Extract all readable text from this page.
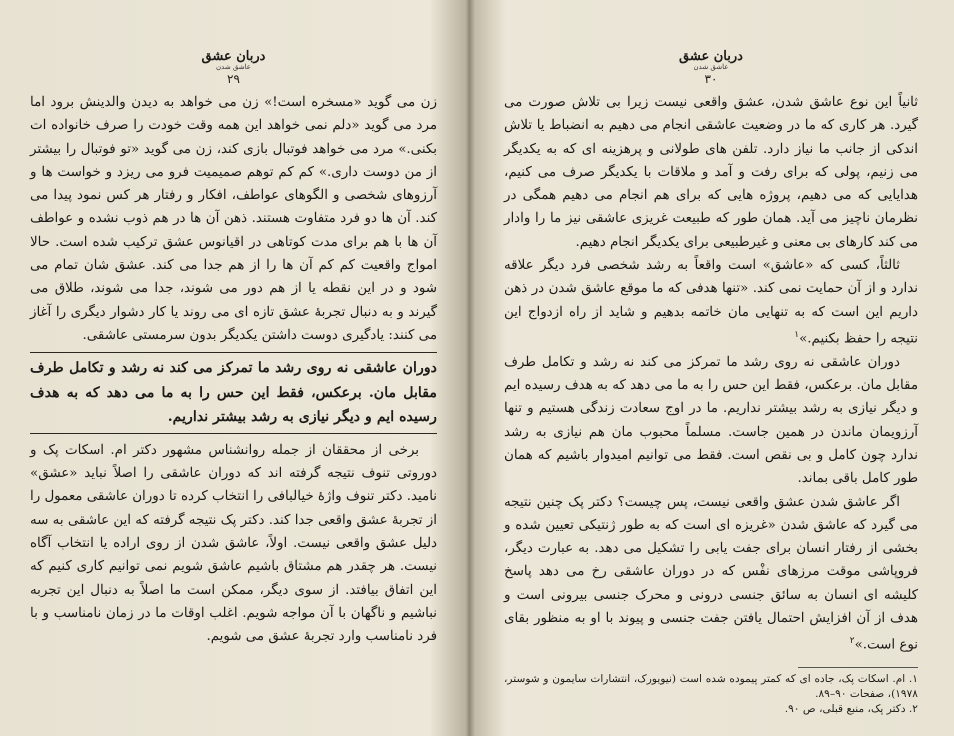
دربان عشق
عاشق شدن
۲۹

زن می گوید «مسخره است!» زن می خواهد به دیدن والدینش برود اما مرد می گوید «دلم نمی خواهد این همه وقت خودت را صرف خانواده ات بکنی.» مرد می خواهد فوتبال بازی کند، زن می گوید «تو فوتبال را بیشتر از من دوست داری.» کم کم توهم صمیمیت فرو می ریزد و خواست ها و آرزوهای شخصی و الگوهای عواطف، افکار و رفتار هر کس نمود پیدا می کند. آن ها دو فرد متفاوت هستند. ذهن آن ها در هم ذوب نشده و عواطف آن ها با هم برای مدت کوتاهی در اقیانوس عشق ترکیب شده است. حالا امواج واقعیت کم کم آن ها را از هم جدا می کند. عشق شان تمام می شود و در این نقطه یا از هم دور می شوند، جدا می شوند، طلاق می گیرند و به دنبال تجربهٔ عشق تازه ای می روند یا کار دشوار دیگری را آغاز می کنند: یادگیری دوست داشتن یکدیگر بدون سرمستی عاشقی.

دوران عاشقی نه روی رشد ما تمرکز می کند نه رشد و تکامل طرف مقابل مان. برعکس، فقط این حس را به ما می دهد که به هدف رسیده ایم و دیگر نیازی به رشد بیشتر نداریم.

برخی از محققان از جمله روانشناس مشهور دکتر ام. اسکات پک و دوروتی تنوف نتیجه گرفته اند که دوران عاشقی را اصلاً نباید «عشق» نامید. دکتر تنوف واژهٔ خیالبافی را انتخاب کرده تا دوران عاشقی معمول را از تجربهٔ عشق واقعی جدا کند. دکتر پک نتیجه گرفته که این عاشقی به سه دلیل عشق واقعی نیست. اولاً، عاشق شدن از روی اراده یا انتخاب آگاه نیست. هر چقدر هم مشتاق باشیم عاشق شویم نمی توانیم کاری کنیم که این اتفاق بیافتد. از سوی دیگر، ممکن است ما اصلاً به دنبال این تجربه نباشیم و ناگهان با آن مواجه شویم. اغلب اوقات ما در زمان نامناسب و با فرد نامناسب وارد تجربهٔ عشق می شویم.

دربان عشق
عاشق شدن
۳۰

ثانیاً این نوع عاشق شدن، عشق واقعی نیست زیرا بی تلاش صورت می گیرد. هر کاری که ما در وضعیت عاشقی انجام می دهیم به انضباط یا تلاش اندکی از جانب ما نیاز دارد. تلفن های طولانی و پرهزینه ای که به یکدیگر می زنیم، پولی که برای رفت و آمد و ملاقات با یکدیگر صرف می کنیم، هدایایی که می دهیم، پروژه هایی که برای هم انجام می دهیم همگی در نظرمان ناچیز می آید. همان طور که طبیعت غریزی عاشقی نیز ما را وادار می کند کارهای بی معنی و غیرطبیعی برای یکدیگر انجام دهیم.

ثالثاً، کسی که «عاشق» است واقعاً به رشد شخصی فرد دیگر علاقه ندارد و از آن حمایت نمی کند. «تنها هدفی که ما موقع عاشق شدن در ذهن داریم این است که به تنهایی مان خاتمه بدهیم و شاید از راه ازدواج این نتیجه را حفظ بکنیم.»$^۱$

دوران عاشقی نه روی رشد ما تمرکز می کند نه رشد و تکامل طرف مقابل مان. برعکس، فقط این حس را به ما می دهد که به هدف رسیده ایم و دیگر نیازی به رشد بیشتر نداریم. ما در اوج سعادت زندگی هستیم و تنها آرزویمان ماندن در همین جاست. مسلماً محبوب مان هم نیازی به رشد ندارد چون کامل و بی نقص است. فقط می توانیم امیدوار باشیم که همان طور کامل باقی بماند.

اگر عاشق شدن عشق واقعی نیست، پس چیست؟ دکتر پک چنین نتیجه می گیرد که عاشق شدن «غریزه ای است که به طور ژنتیکی تعیین شده و بخشی از رفتار انسان برای جفت یابی را تشکیل می دهد. به عبارت دیگر، فروپاشی موقت مرزهای نفْس که در دوران عاشقی رخ می دهد پاسخ کلیشه ای انسان به سائق جنسی درونی و محرک جنسی بیرونی است و هدف از آن افزایش احتمال یافتن جفت جنسی و پیوند با او به منظور بقای نوع است.»$^۲$

۱. ام. اسکات پک، جاده ای که کمتر پیموده شده است (نیویورک، انتشارات سایمون و شوستر، ۱۹۷۸)، صفحات ۹۰–۸۹.

۲. دکتر پک، منبع قبلی، ص ۹۰.
